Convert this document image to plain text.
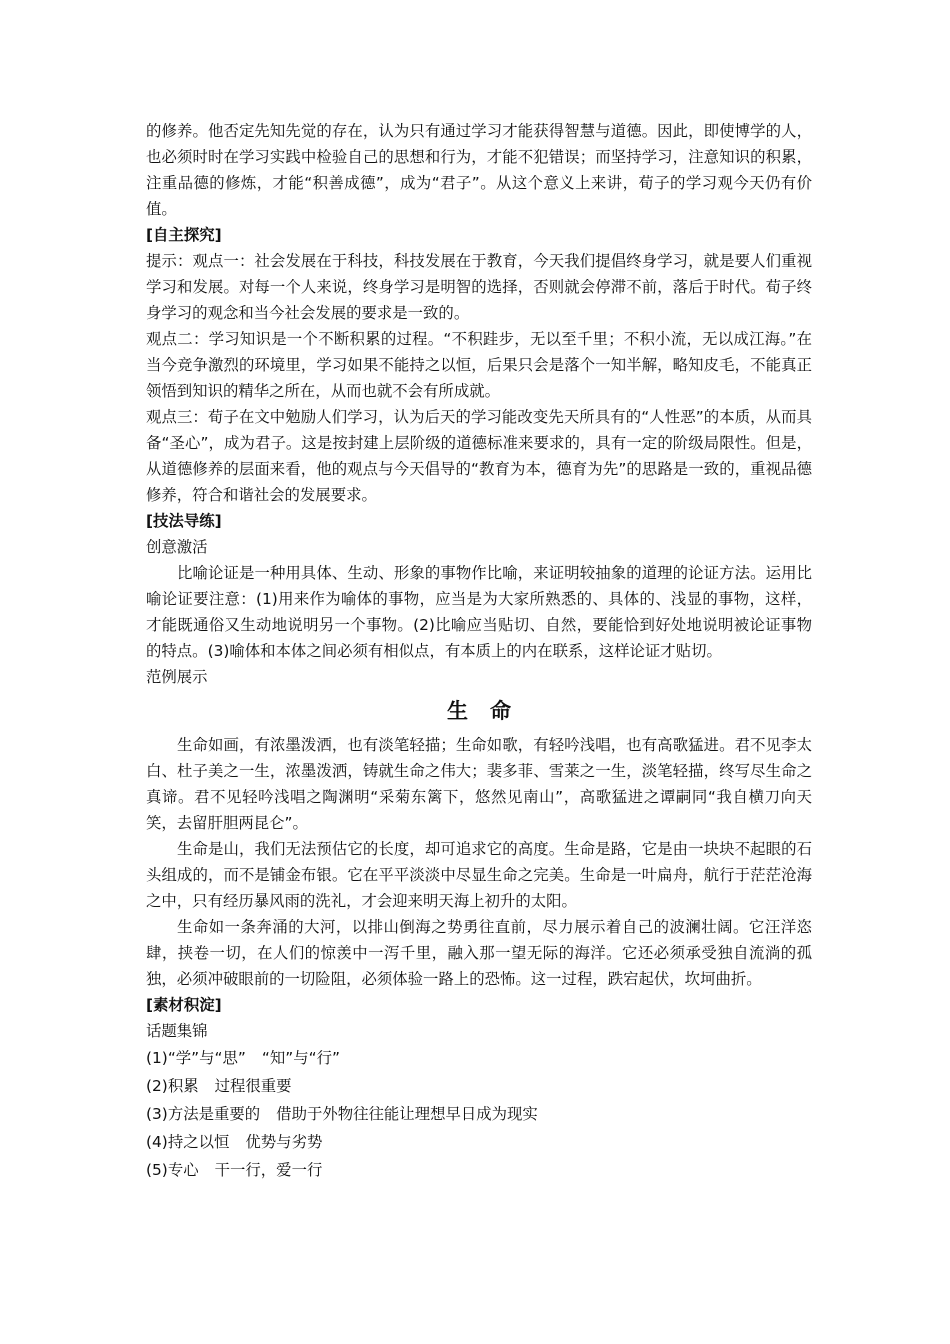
的修养。他否定先知先觉的存在，认为只有通过学习才能获得智慧与道德。因此，即使博学的人，也必须时时在学习实践中检验自己的思想和行为，才能不犯错误；而坚持学习，注意知识的积累，注重品德的修炼，才能“积善成德”，成为“君子”。从这个意义上来讲，荀子的学习观今天仍有价值。

[自主探究]

提示：观点一：社会发展在于科技，科技发展在于教育，今天我们提倡终身学习，就是要人们重视学习和发展。对每一个人来说，终身学习是明智的选择，否则就会停滞不前，落后于时代。荀子终身学习的观念和当今社会发展的要求是一致的。

观点二：学习知识是一个不断积累的过程。“不积跬步，无以至千里；不积小流，无以成江海。”在当今竞争激烈的环境里，学习如果不能持之以恒，后果只会是落个一知半解，略知皮毛，不能真正领悟到知识的精华之所在，从而也就不会有所成就。

观点三：荀子在文中勉励人们学习，认为后天的学习能改变先天所具有的“人性恶”的本质，从而具备“圣心”，成为君子。这是按封建上层阶级的道德标准来要求的，具有一定的阶级局限性。但是，从道德修养的层面来看，他的观点与今天倡导的“教育为本，德育为先”的思路是一致的，重视品德修养，符合和谐社会的发展要求。

[技法导练]

创意激活

比喻论证是一种用具体、生动、形象的事物作比喻，来证明较抽象的道理的论证方法。运用比喻论证要注意：(1)用来作为喻体的事物，应当是为大家所熟悉的、具体的、浅显的事物，这样，才能既通俗又生动地说明另一个事物。(2)比喻应当贴切、自然，要能恰到好处地说明被论证事物的特点。(3)喻体和本体之间必须有相似点，有本质上的内在联系，这样论证才贴切。

范例展示

生命

生命如画，有浓墨泼洒，也有淡笔轻描；生命如歌，有轻吟浅唱，也有高歌猛进。君不见李太白、杜子美之一生，浓墨泼洒，铸就生命之伟大；裴多菲、雪莱之一生，淡笔轻描，终写尽生命之真谛。君不见轻吟浅唱之陶渊明“采菊东篱下，悠然见南山”，高歌猛进之谭嗣同“我自横刀向天笑，去留肝胆两昆仑”。

生命是山，我们无法预估它的长度，却可追求它的高度。生命是路，它是由一块块不起眼的石头组成的，而不是铺金布银。它在平平淡淡中尽显生命之完美。生命是一叶扁舟，航行于茫茫沧海之中，只有经历暴风雨的洗礼，才会迎来明天海上初升的太阳。

生命如一条奔涌的大河，以排山倒海之势勇往直前，尽力展示着自己的波澜壮阔。它汪洋恣肆，挟卷一切，在人们的惊羡中一泻千里，融入那一望无际的海洋。它还必须承受独自流淌的孤独，必须冲破眼前的一切险阻，必须体验一路上的恐怖。这一过程，跌宕起伏，坎坷曲折。

[素材积淀]

话题集锦

(1)“学”与“思” “知”与“行”
(2)积累 过程很重要
(3)方法是重要的 借助于外物往往能让理想早日成为现实
(4)持之以恒 优势与劣势
(5)专心 干一行，爱一行
